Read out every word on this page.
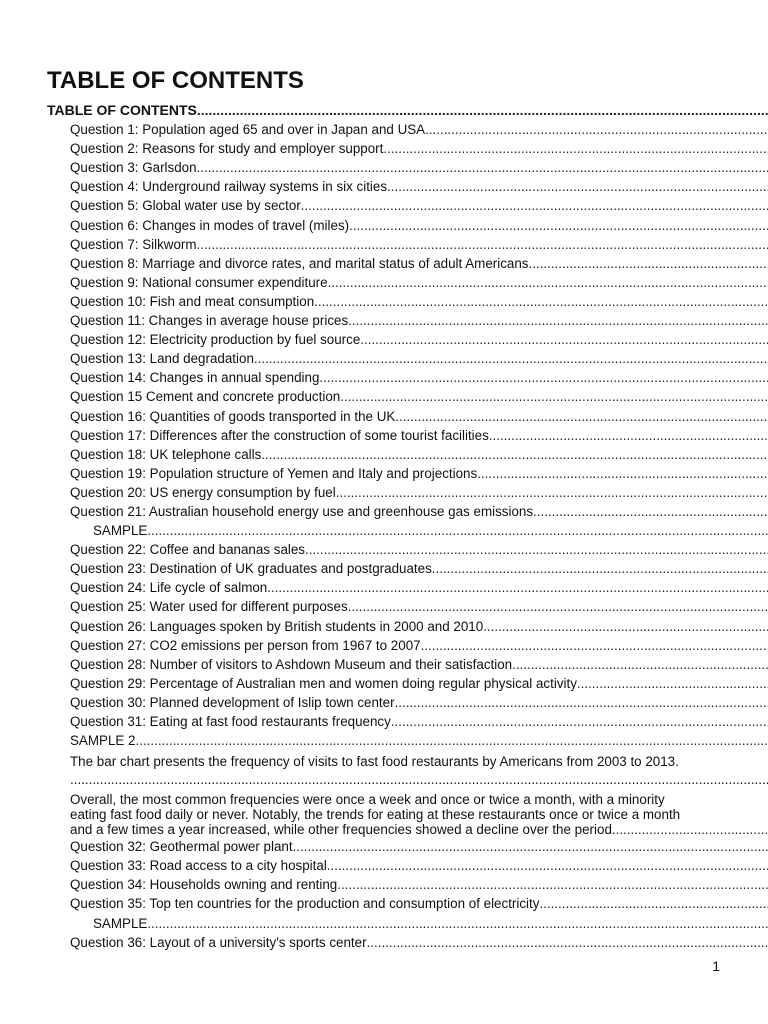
TABLE OF CONTENTS
TABLE OF CONTENTS
.....
Question 1: Population aged 65 and over in Japan and USA
.....
Question 2: Reasons for study and employer support
.....
Question 3: Garlsdon
.....
Question 4: Underground railway systems in six cities
.....
Question 5: Global water use by sector
.....
Question 6: Changes in modes of travel (miles)
.....
Question 7: Silkworm
.....
Question 8: Marriage and divorce rates, and marital status of adult Americans
.....
Question 9: National consumer expenditure
.....
Question 10: Fish and meat consumption
.....
Question 11: Changes in average house prices
.....
Question 12: Electricity production by fuel source
.....
Question 13: Land degradation
.....
Question 14: Changes in annual spending
.....
Question 15 Cement and concrete production
.....
Question 16: Quantities of goods transported in the UK
.....
Question 17: Differences after the construction of some tourist facilities
.....
Question 18: UK telephone calls
.....
Question 19: Population structure of Yemen and Italy and projections
.....
Question 20: US energy consumption by fuel
.....
Question 21: Australian household energy use and greenhouse gas emissions
.....
SAMPLE
.....
Question 22: Coffee and bananas sales
.....
Question 23: Destination of UK graduates and postgraduates
.....
Question 24: Life cycle of salmon
.....
Question 25: Water used for different purposes
.....
Question 26: Languages spoken by British students in 2000 and 2010
.....
Question 27: CO2 emissions per person from 1967 to 2007
.....
Question 28: Number of visitors to Ashdown Museum and their satisfaction
.....
Question 29: Percentage of Australian men and women doing regular physical activity
.....
Question 30: Planned development of Islip town center
.....
Question 31: Eating at fast food restaurants frequency
.....
SAMPLE 2
.....
The bar chart presents the frequency of visits to fast food restaurants by Americans from 2003 to 2013.
.....
Overall, the most common frequencies were once a week and once or twice a month, with a minority
eating fast food daily or never. Notably, the trends for eating at these restaurants once or twice a month
and a few times a year increased, while other frequencies showed a decline over the period
.....
Question 32: Geothermal power plant
.....
Question 33: Road access to a city hospital
.....
Question 34: Households owning and renting
.....
Question 35: Top ten countries for the production and consumption of electricity
.....
SAMPLE
.....
Question 36: Layout of a university's sports center
.....
1
